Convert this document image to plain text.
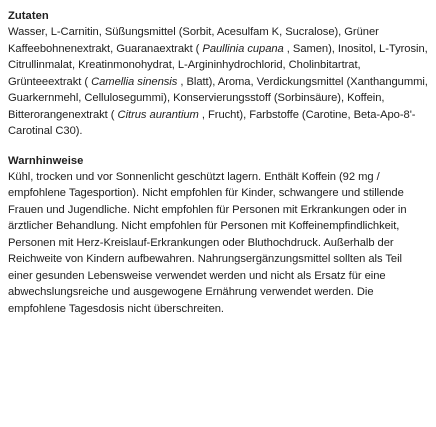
Zutaten

Wasser, L-Carnitin, Süßungsmittel (Sorbit, Acesulfam K, Sucralose), Grüner Kaffeebohnenextrakt, Guaranaextrakt ( Paullinia cupana , Samen), Inositol, L-Tyrosin, Citrullinmalat, Kreatinmonohydrat, L-Argininhydrochlorid, Cholinbitartrat, Grünteeextrakt ( Camellia sinensis , Blatt), Aroma, Verdickungsmittel (Xanthangummi, Guarkernmehl, Cellulosegummi), Konservierungsstoff (Sorbinsäure), Koffein, Bitterorangenextrakt ( Citrus aurantium , Frucht), Farbstoffe (Carotine, Beta-Apo-8'-Carotinal C30).

Warnhinweise

Kühl, trocken und vor Sonnenlicht geschützt lagern. Enthält Koffein (92 mg / empfohlene Tagesportion). Nicht empfohlen für Kinder, schwangere und stillende Frauen und Jugendliche. Nicht empfohlen für Personen mit Erkrankungen oder in ärztlicher Behandlung. Nicht empfohlen für Personen mit Koffeinempfindlichkeit, Personen mit Herz-Kreislauf-Erkrankungen oder Bluthochdruck. Außerhalb der Reichweite von Kindern aufbewahren. Nahrungsergänzungsmittel sollten als Teil einer gesunden Lebensweise verwendet werden und nicht als Ersatz für eine abwechslungsreiche und ausgewogene Ernährung verwendet werden. Die empfohlene Tagesdosis nicht überschreiten.
